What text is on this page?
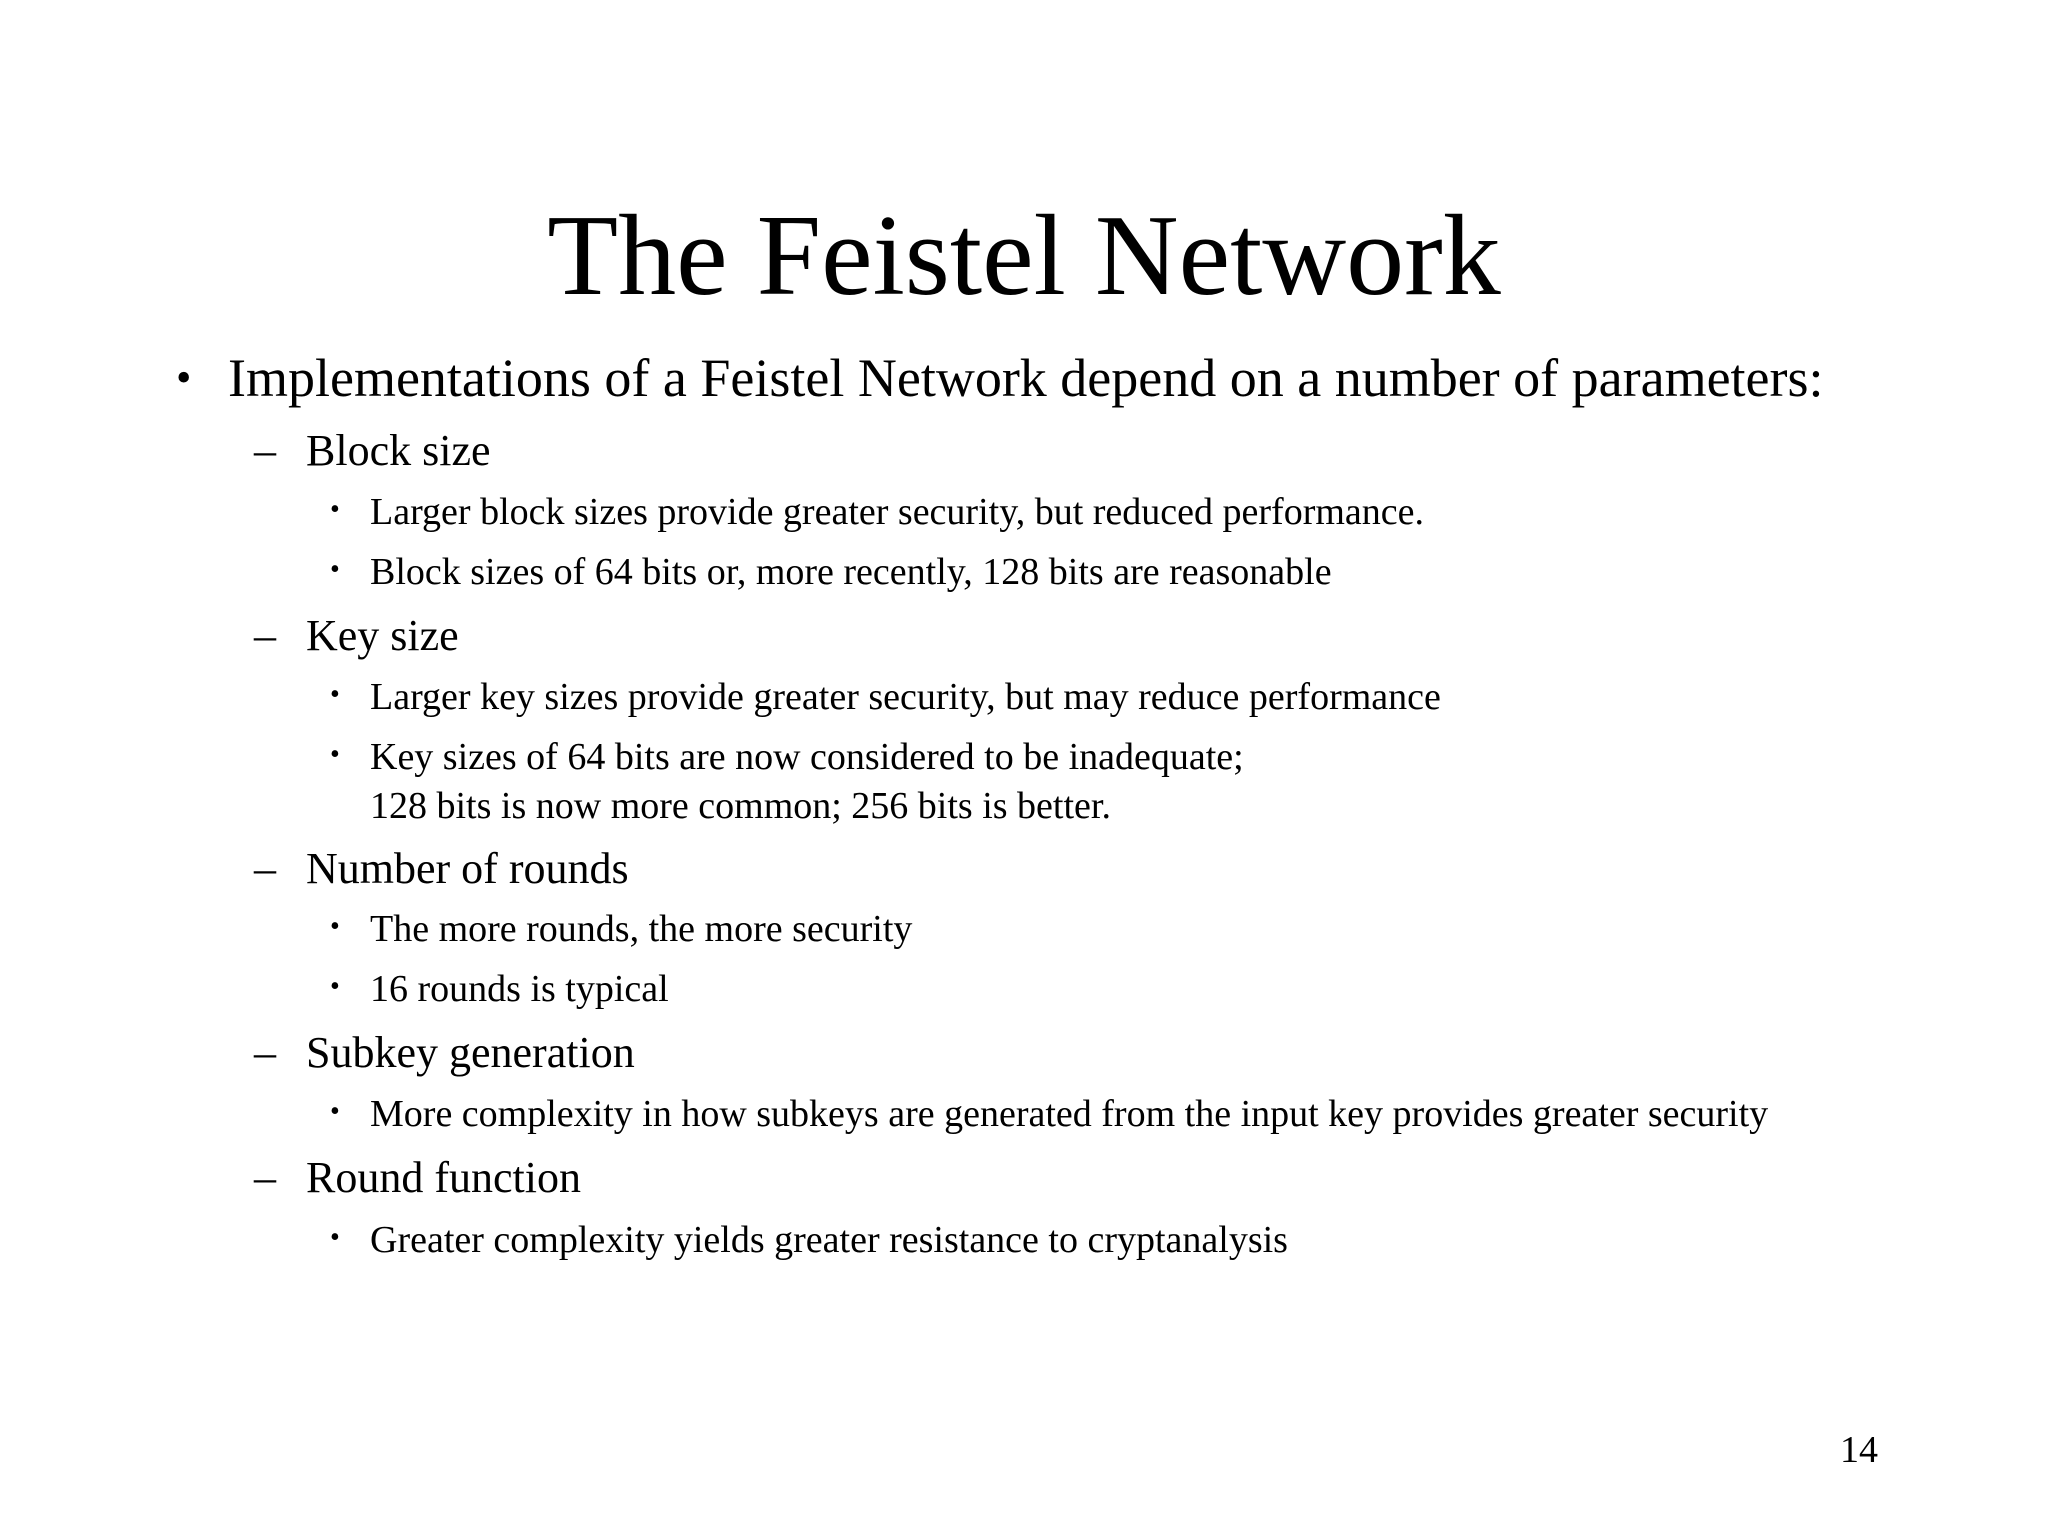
The Feistel Network
• Implementations of a Feistel Network depend on a number of parameters:
– Block size
• Larger block sizes provide greater security, but reduced performance.
• Block sizes of 64 bits or, more recently, 128 bits are reasonable
– Key size
• Larger key sizes provide greater security, but may reduce performance
• Key sizes of 64 bits are now considered to be inadequate;
128 bits is now more common; 256 bits is better.
– Number of rounds
• The more rounds, the more security
• 16 rounds is typical
– Subkey generation
• More complexity in how subkeys are generated from the input key provides greater security
– Round function
• Greater complexity yields greater resistance to cryptanalysis
14
